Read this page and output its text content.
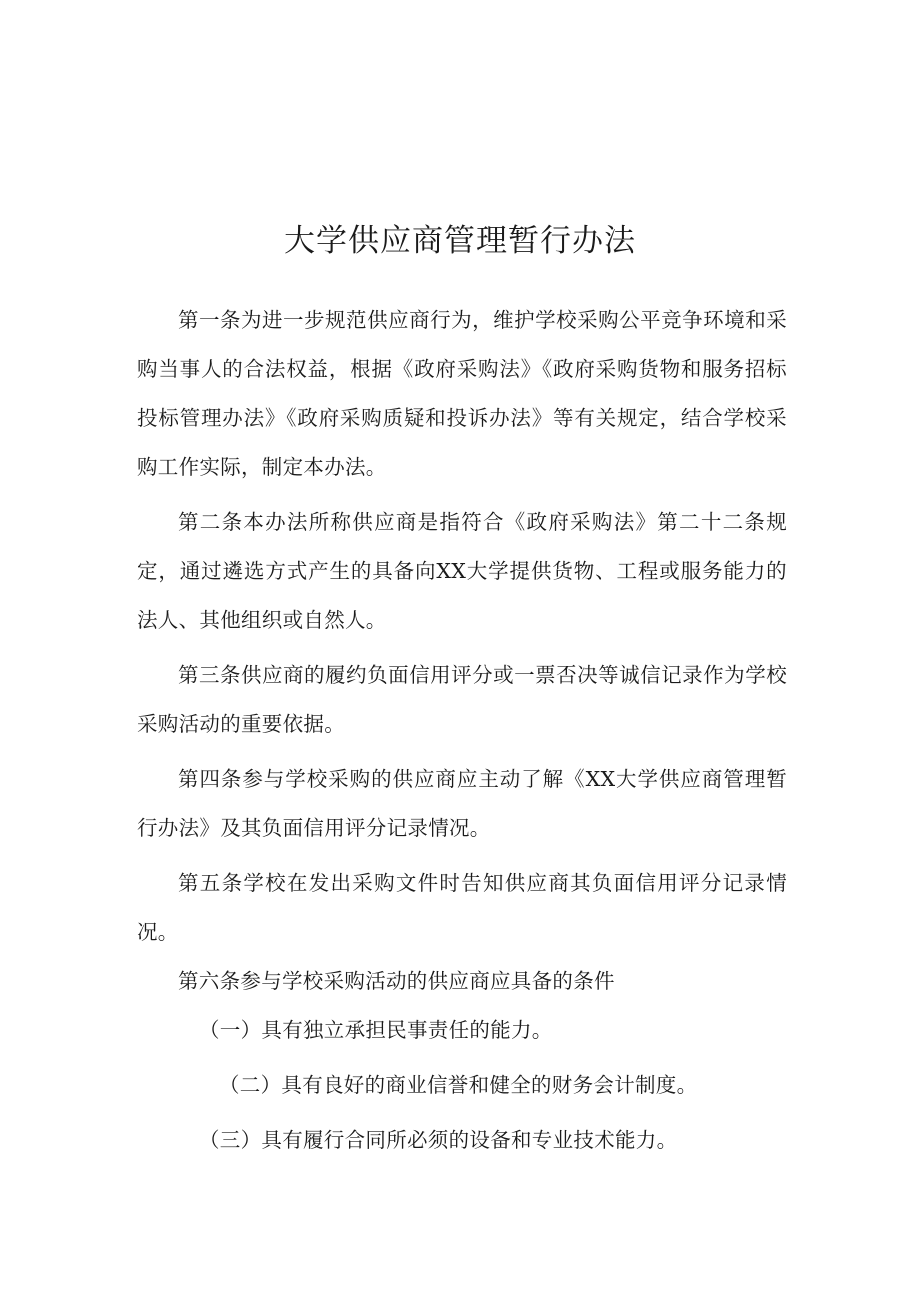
大学供应商管理暂行办法

第一条为进一步规范供应商行为，维护学校采购公平竞争环境和采购当事人的合法权益，根据《政府采购法》《政府采购货物和服务招标投标管理办法》《政府采购质疑和投诉办法》等有关规定，结合学校采购工作实际，制定本办法。

第二条本办法所称供应商是指符合《政府采购法》第二十二条规定，通过遴选方式产生的具备向XX大学提供货物、工程或服务能力的法人、其他组织或自然人。

第三条供应商的履约负面信用评分或一票否决等诚信记录作为学校采购活动的重要依据。

第四条参与学校采购的供应商应主动了解《XX大学供应商管理暂行办法》及其负面信用评分记录情况。

第五条学校在发出采购文件时告知供应商其负面信用评分记录情况。

第六条参与学校采购活动的供应商应具备的条件

（一）具有独立承担民事责任的能力。

（二）具有良好的商业信誉和健全的财务会计制度。

（三）具有履行合同所必须的设备和专业技术能力。
